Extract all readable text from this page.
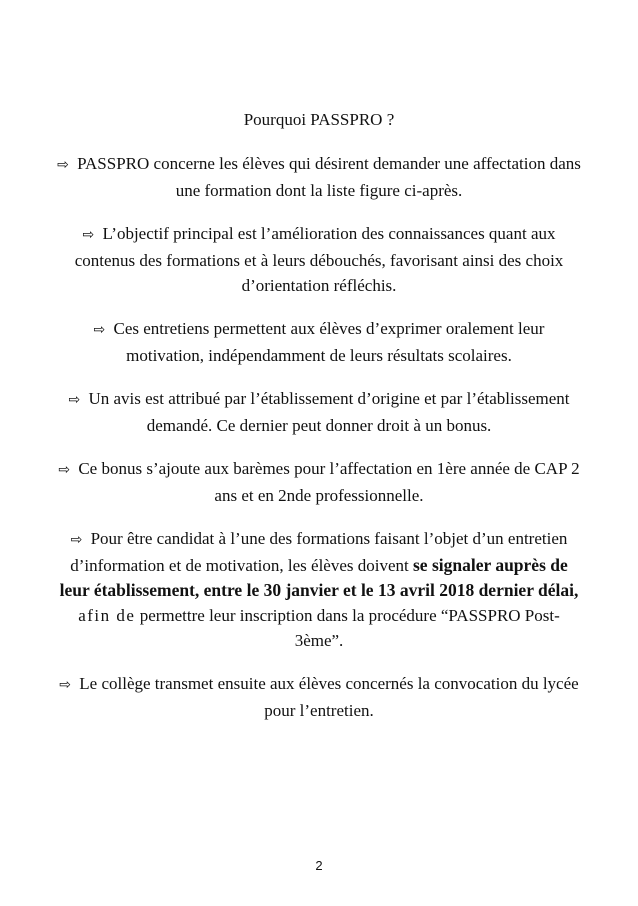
Pourquoi PASSPRO ?

⇨ PASSPRO concerne les élèves qui désirent demander une affectation dans une formation dont la liste figure ci-après.

⇨ L’objectif principal est l’amélioration des connaissances quant aux contenus des formations et à leurs débouchés, favorisant ainsi des choix d’orientation réfléchis.

⇨ Ces entretiens permettent aux élèves d’exprimer oralement leur motivation, indépendamment de leurs résultats scolaires.

⇨ Un avis est attribué par l’établissement d’origine et par l’établissement demandé. Ce dernier peut donner droit à un bonus.

⇨ Ce bonus s’ajoute aux barèmes pour l’affectation en 1ère année de CAP 2 ans et en 2nde professionnelle.

⇨ Pour être candidat à l’une des formations faisant l’objet d’un entretien d’information et de motivation, les élèves doivent se signaler auprès de leur établissement, entre le 30 janvier et le 13 avril 2018 dernier délai, afin de permettre leur inscription dans la procédure “PASSPRO Post-3ème”.

⇨ Le collège transmet ensuite aux élèves concernés la convocation du lycée pour l’entretien.

2
